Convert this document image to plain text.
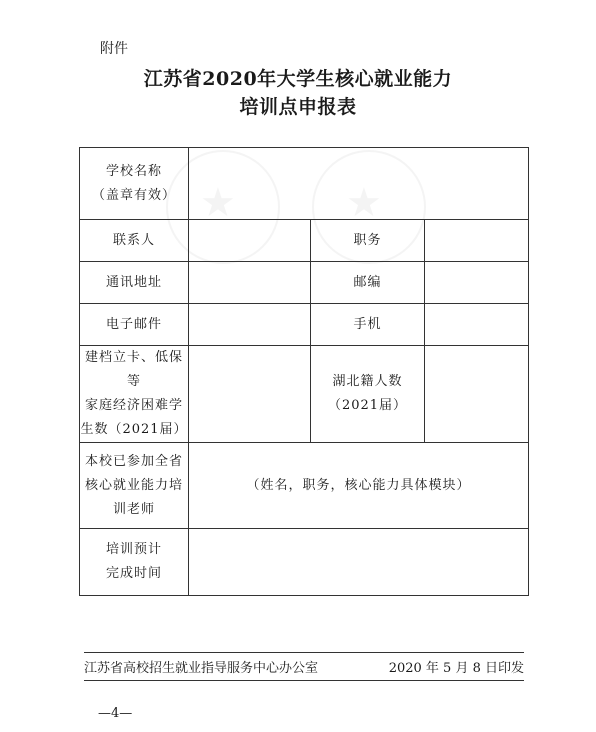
★	★
附件
江苏省2020年大学生核心就业能力
培训点申报表
学校名称
（盖章有效）			
联系人		职务	
通讯地址		邮编	
电子邮件		手机	
建档立卡、低保等
家庭经济困难学
生数（2021届）		湖北籍人数
（2021届）	
本校已参加全省
核心就业能力培
训老师	（姓名，职务，核心能力具体模块）		
培训预计
完成时间			
江苏省高校招生就业指导服务中心办公室	2020 年 5 月 8 日印发
—4—
